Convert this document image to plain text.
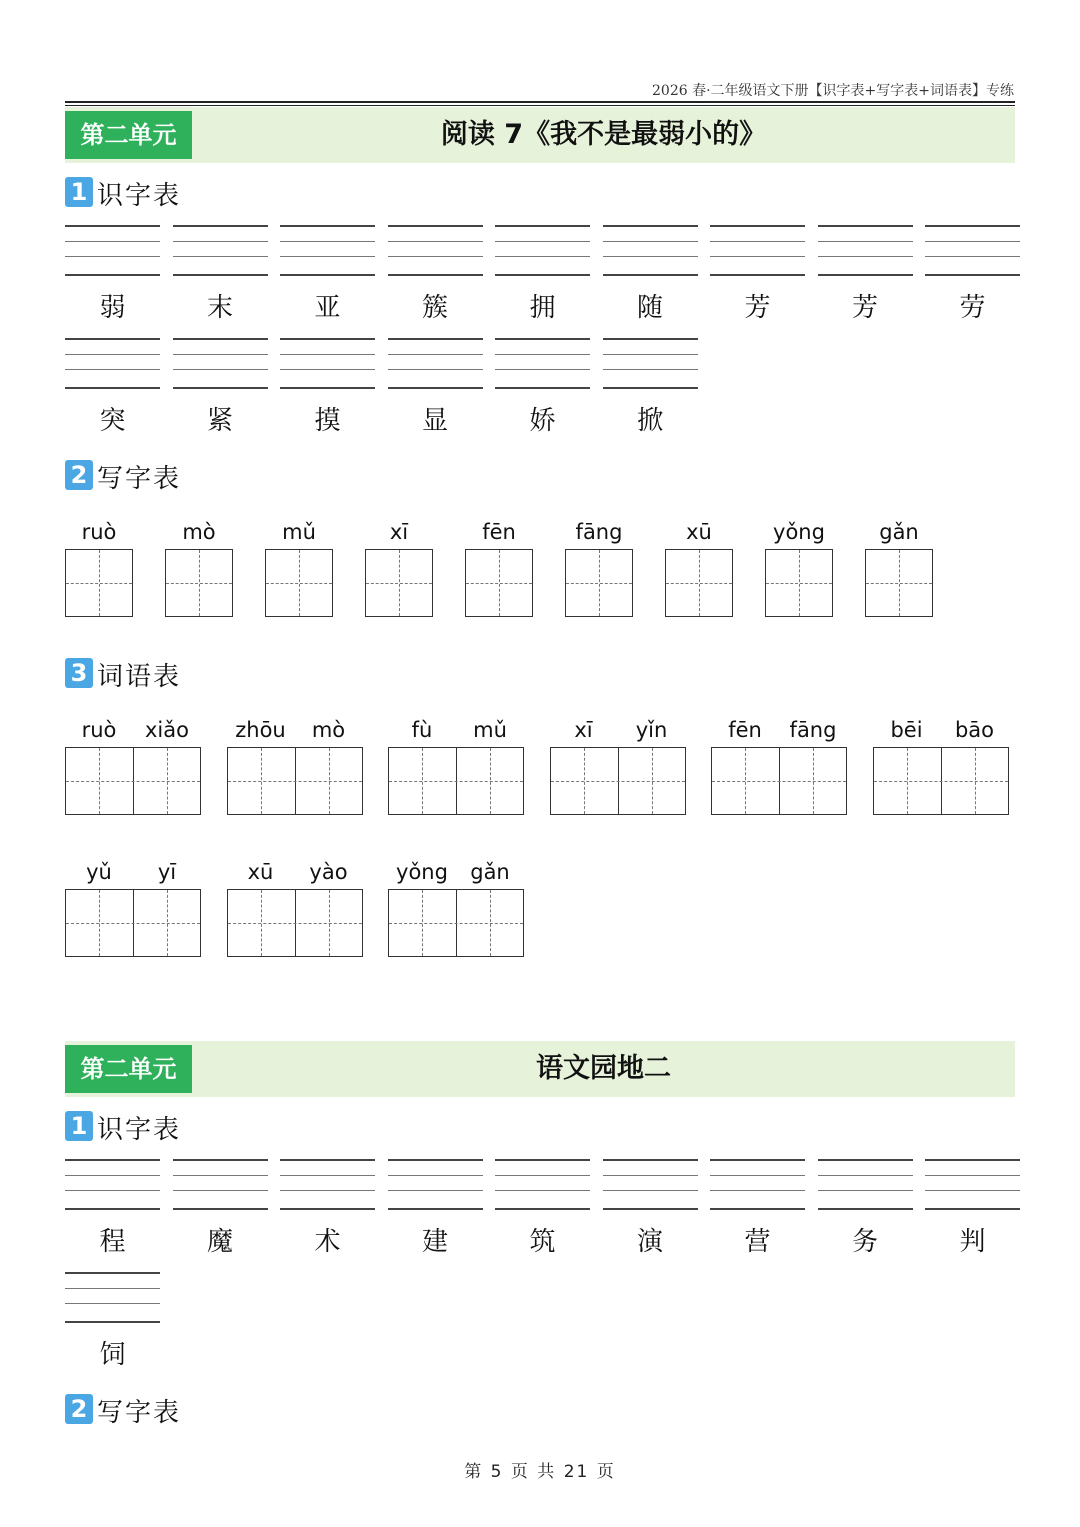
2026 春·二年级语文下册【识字表+写字表+词语表】专练
第二单元	阅读 7《我不是最弱小的》
1 识字表
弱	末	亚	簇	拥	随	芳	芳	劳
突	紧	摸	显	娇	掀
2 写字表
ruò	mò	mǔ	xī	fēn	fāng	xū	yǒng	gǎn
3 词语表
ruò	xiǎo	zhōu	mò	fù	mǔ	xī	yǐn	fēn	fāng	bēi	bāo
yǔ	yī	xū	yào	yǒng	gǎn
第二单元	语文园地二
1 识字表
程	魔	术	建	筑	演	营	务	判
饲
2 写字表
第 5 页 共 21 页
